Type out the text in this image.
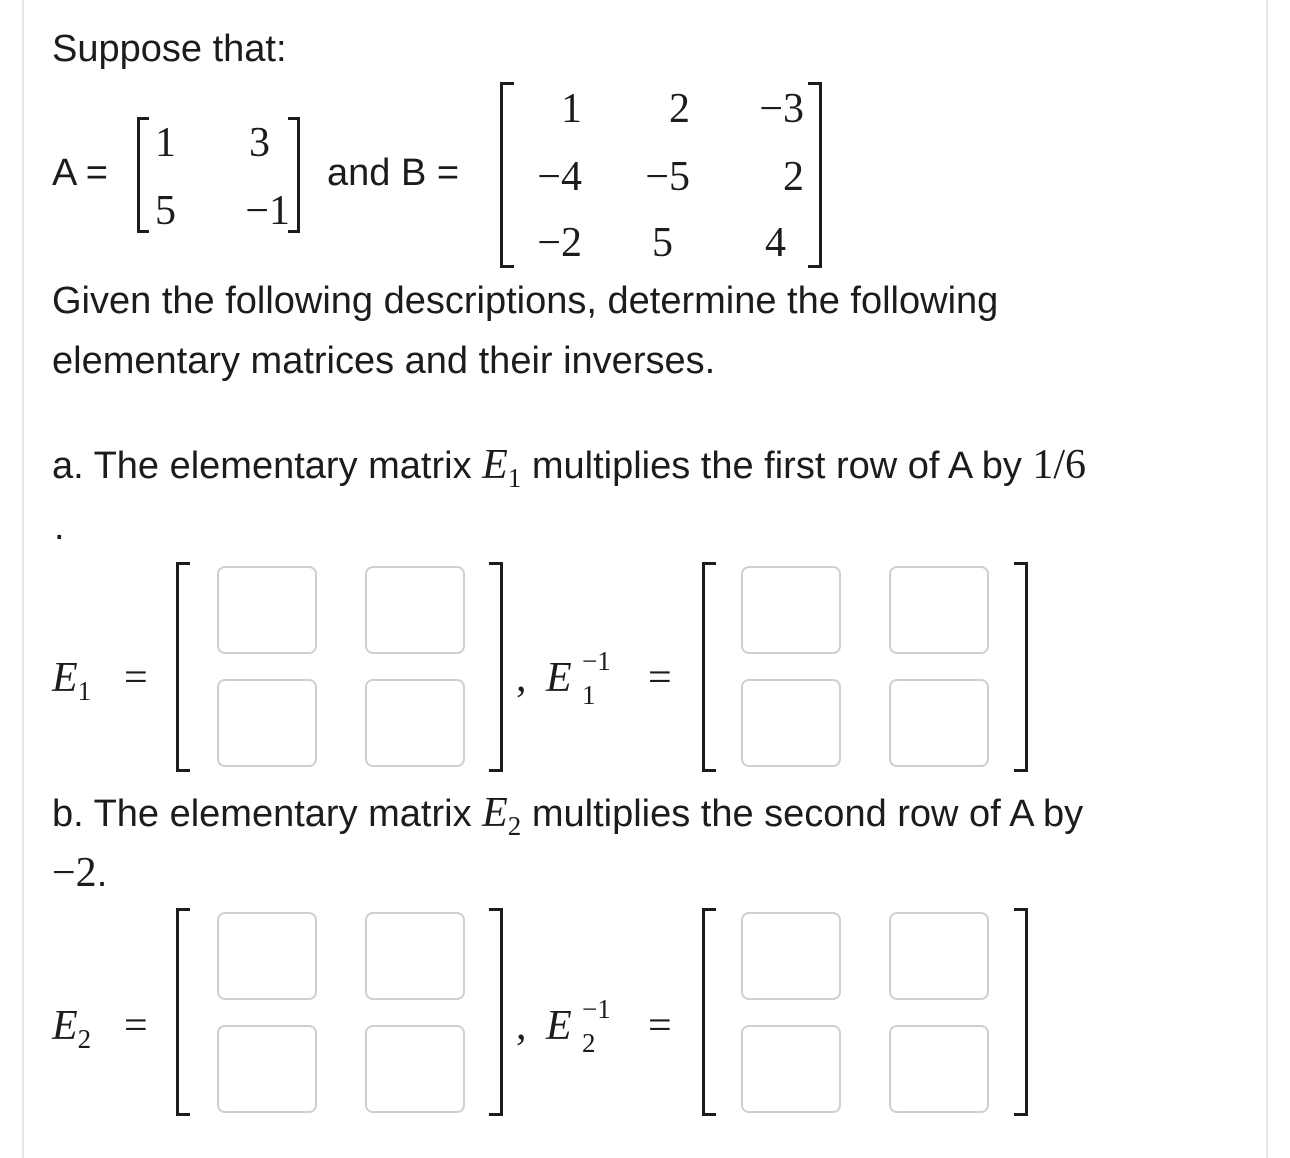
Suppose that:
A =
1	3
5	−1
and B =
1	2	−3
−4	−5	2
−2	5	4
Given the following descriptions, determine the following
elementary matrices and their inverses.
a. The elementary matrix $E_1$ multiplies the first row of A by 1/6
.
$E_1$ =	, E −1
1 =
b. The elementary matrix $E_2$ multiplies the second row of A by
−2.
$E_2$ =	, E −1
2 =
